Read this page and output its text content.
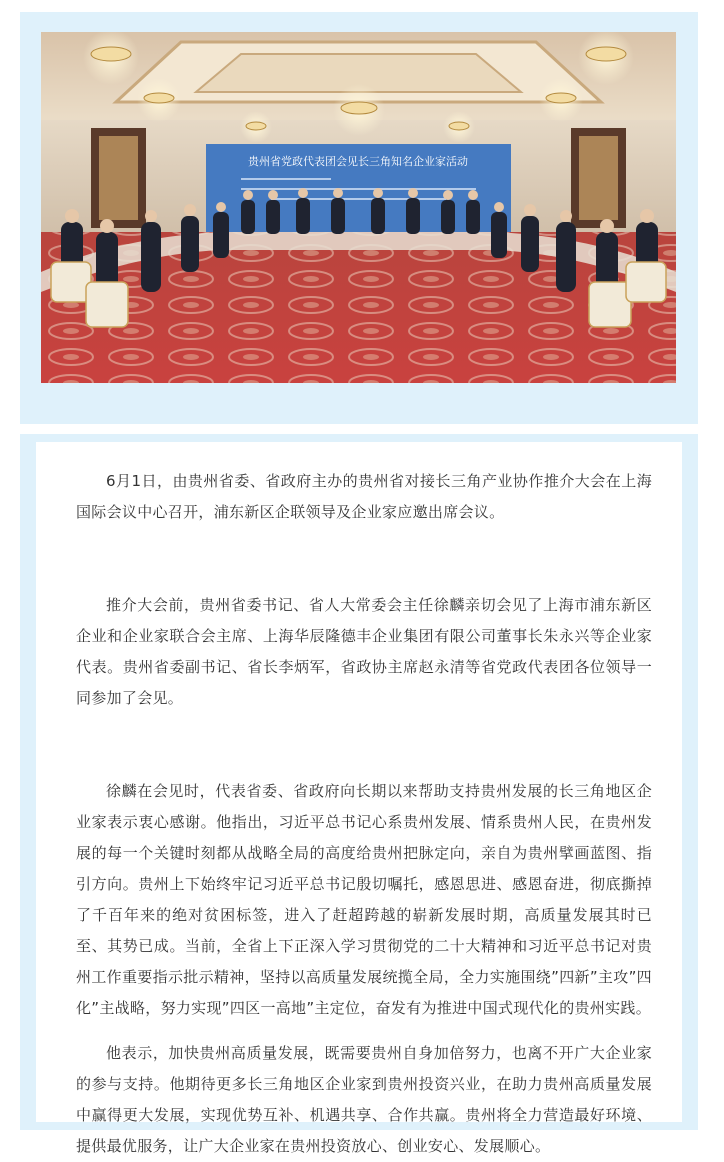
贵州省党政代表团会见长三角知名企业家活动

6月1日，由贵州省委、省政府主办的贵州省对接长三角产业协作推介大会在上海国际会议中心召开，浦东新区企联领导及企业家应邀出席会议。

推介大会前，贵州省委书记、省人大常委会主任徐麟亲切会见了上海市浦东新区企业和企业家联合会主席、上海华辰隆德丰企业集团有限公司董事长朱永兴等企业家代表。贵州省委副书记、省长李炳军，省政协主席赵永清等省党政代表团各位领导一同参加了会见。

徐麟在会见时，代表省委、省政府向长期以来帮助支持贵州发展的长三角地区企业家表示衷心感谢。他指出，习近平总书记心系贵州发展、情系贵州人民，在贵州发展的每一个关键时刻都从战略全局的高度给贵州把脉定向，亲自为贵州擘画蓝图、指引方向。贵州上下始终牢记习近平总书记殷切嘱托，感恩思进、感恩奋进，彻底撕掉了千百年来的绝对贫困标签，进入了赶超跨越的崭新发展时期，高质量发展其时已至、其势已成。当前，全省上下正深入学习贯彻党的二十大精神和习近平总书记对贵州工作重要指示批示精神，坚持以高质量发展统揽全局，全力实施围绕”四新”主攻”四化”主战略，努力实现”四区一高地”主定位，奋发有为推进中国式现代化的贵州实践。

他表示，加快贵州高质量发展，既需要贵州自身加倍努力，也离不开广大企业家的参与支持。他期待更多长三角地区企业家到贵州投资兴业，在助力贵州高质量发展中赢得更大发展，实现优势互补、机遇共享、合作共赢。贵州将全力营造最好环境、提供最优服务，让广大企业家在贵州投资放心、创业安心、发展顺心。
